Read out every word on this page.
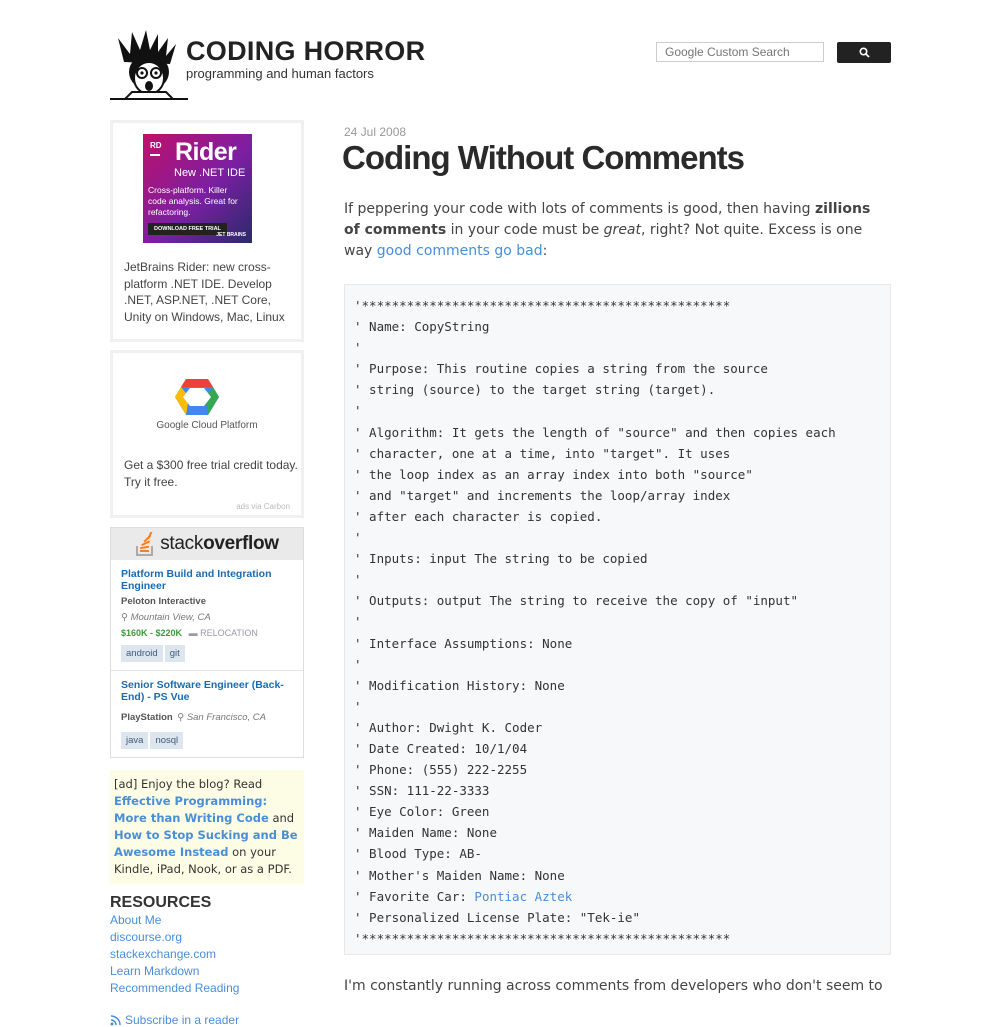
CODING HORROR
programming and human factors
Google Custom Search
RD Rider
New .NET IDE
Cross-platform. Killer code analysis. Great for refactoring.
DOWNLOAD FREE TRIAL
JET BRAINS
JetBrains Rider: new cross-platform .NET IDE. Develop .NET, ASP.NET, .NET Core, Unity on Windows, Mac, Linux
Google Cloud Platform
Get a $300 free trial credit today. Try it free.
ads via Carbon
stackoverflow
Platform Build and Integration Engineer
Peloton Interactive
⚲ Mountain View, CA
$160K - $220K ▬ RELOCATION
android git
Senior Software Engineer (Back-End) - PS Vue
PlayStation ⚲ San Francisco, CA
java nosql
[ad] Enjoy the blog? Read Effective Programming: More than Writing Code and How to Stop Sucking and Be Awesome Instead on your Kindle, iPad, Nook, or as a PDF.
RESOURCES
About Me
discourse.org
stackexchange.com
Learn Markdown
Recommended Reading
Subscribe in a reader
24 Jul 2008
Coding Without Comments
If peppering your code with lots of comments is good, then having zillions of comments in your code must be great, right? Not quite. Excess is one way good comments go bad:
'*************************************************
' Name: CopyString
'
' Purpose: This routine copies a string from the source
' string (source) to the target string (target).
'
' Algorithm: It gets the length of "source" and then copies each
' character, one at a time, into "target". It uses
' the loop index as an array index into both "source"
' and "target" and increments the loop/array index
' after each character is copied.
'
' Inputs: input The string to be copied
'
' Outputs: output The string to receive the copy of "input"
'
' Interface Assumptions: None
'
' Modification History: None
'
' Author: Dwight K. Coder
' Date Created: 10/1/04
' Phone: (555) 222-2255
' SSN: 111-22-3333
' Eye Color: Green
' Maiden Name: None
' Blood Type: AB-
' Mother's Maiden Name: None
' Favorite Car: Pontiac Aztek
' Personalized License Plate: "Tek-ie"
'*************************************************
I'm constantly running across comments from developers who don't seem to
